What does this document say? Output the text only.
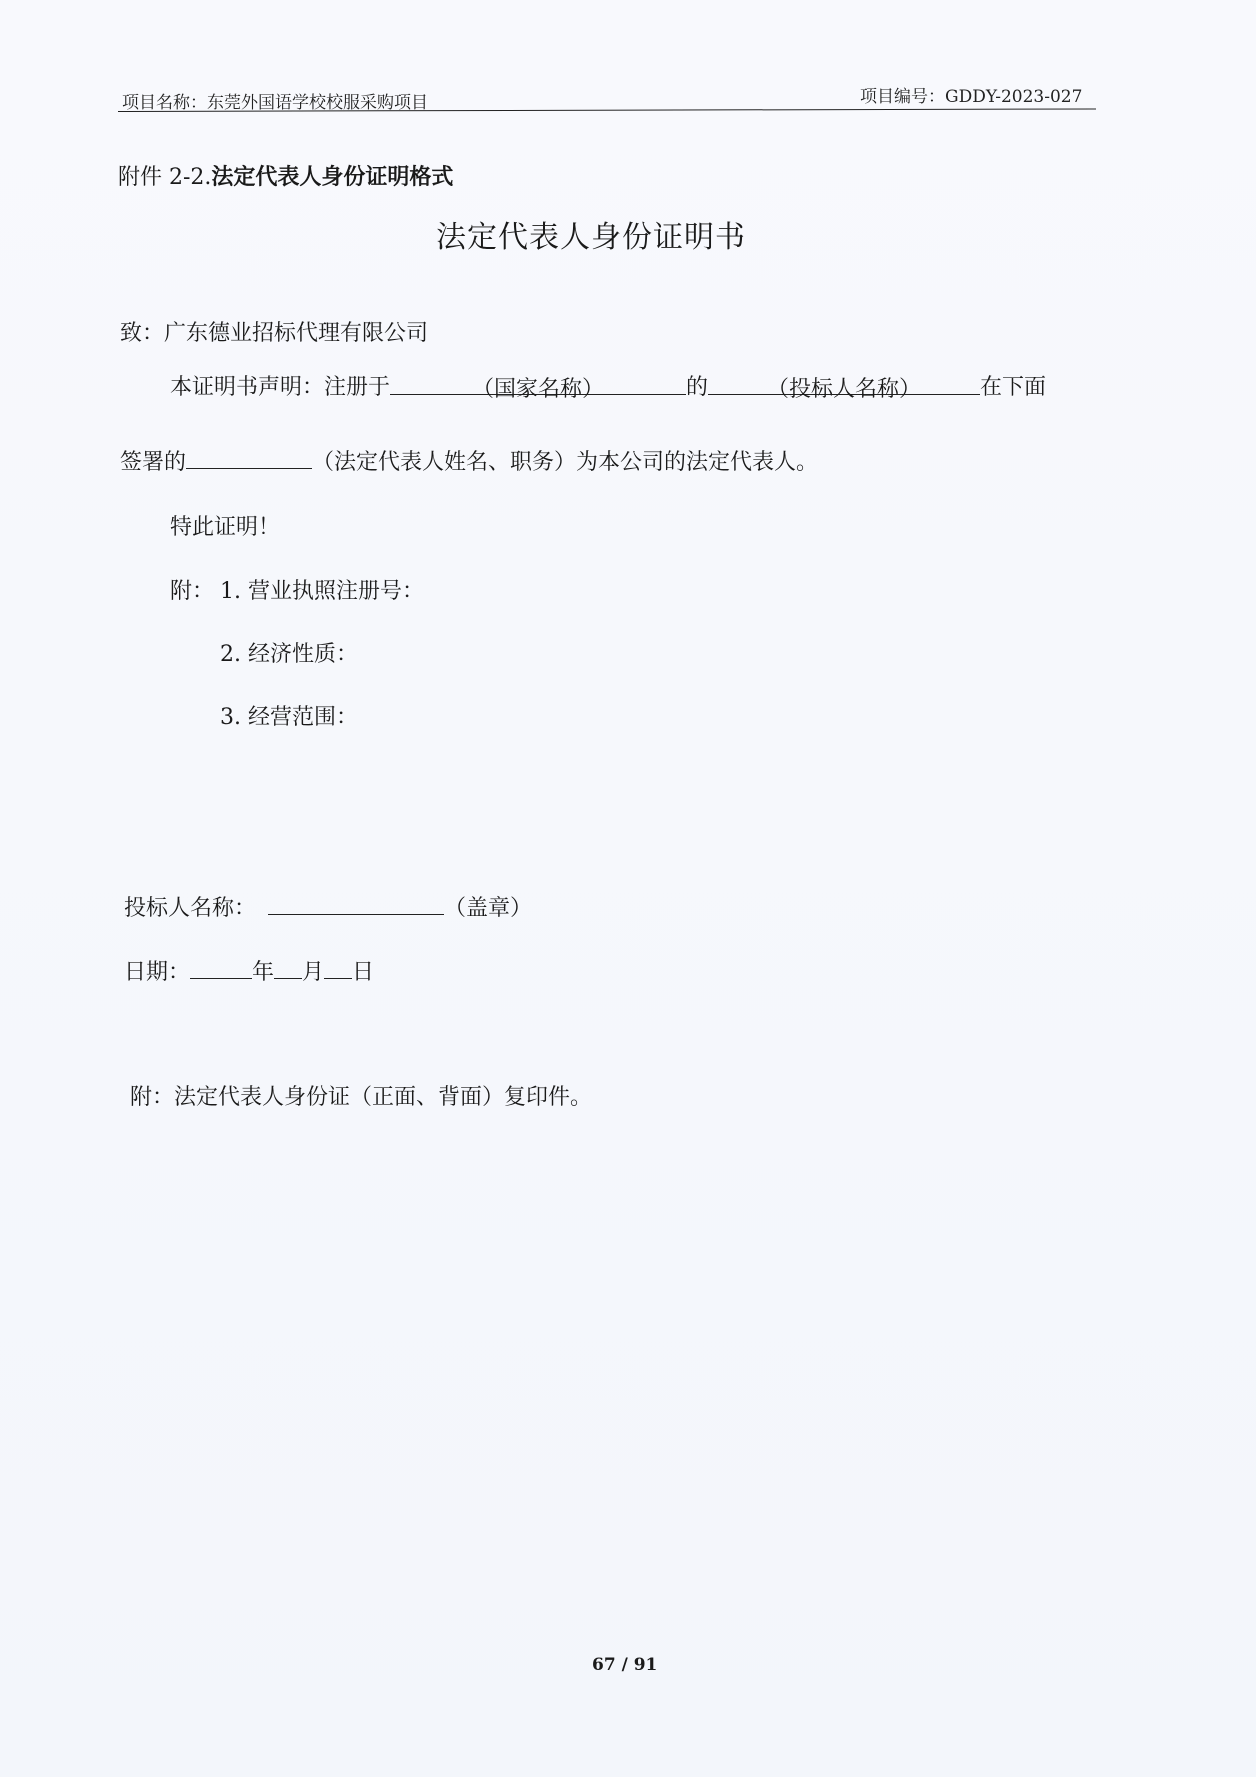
项目名称：东莞外国语学校校服采购项目	项目编号：GDDY-2023-027
附件 2-2.法定代表人身份证明格式
法定代表人身份证明书
致：广东德业招标代理有限公司
本证明书声明：注册于	（国家名称）	的	（投标人名称）	在下面
签署的	（法定代表人姓名、职务）为本公司的法定代表人。
特此证明！
附： 1. 营业执照注册号：
2. 经济性质：
3. 经营范围：
投标人名称：	（盖章）
日期：	年 月 日
附：法定代表人身份证（正面、背面）复印件。
67 / 91
